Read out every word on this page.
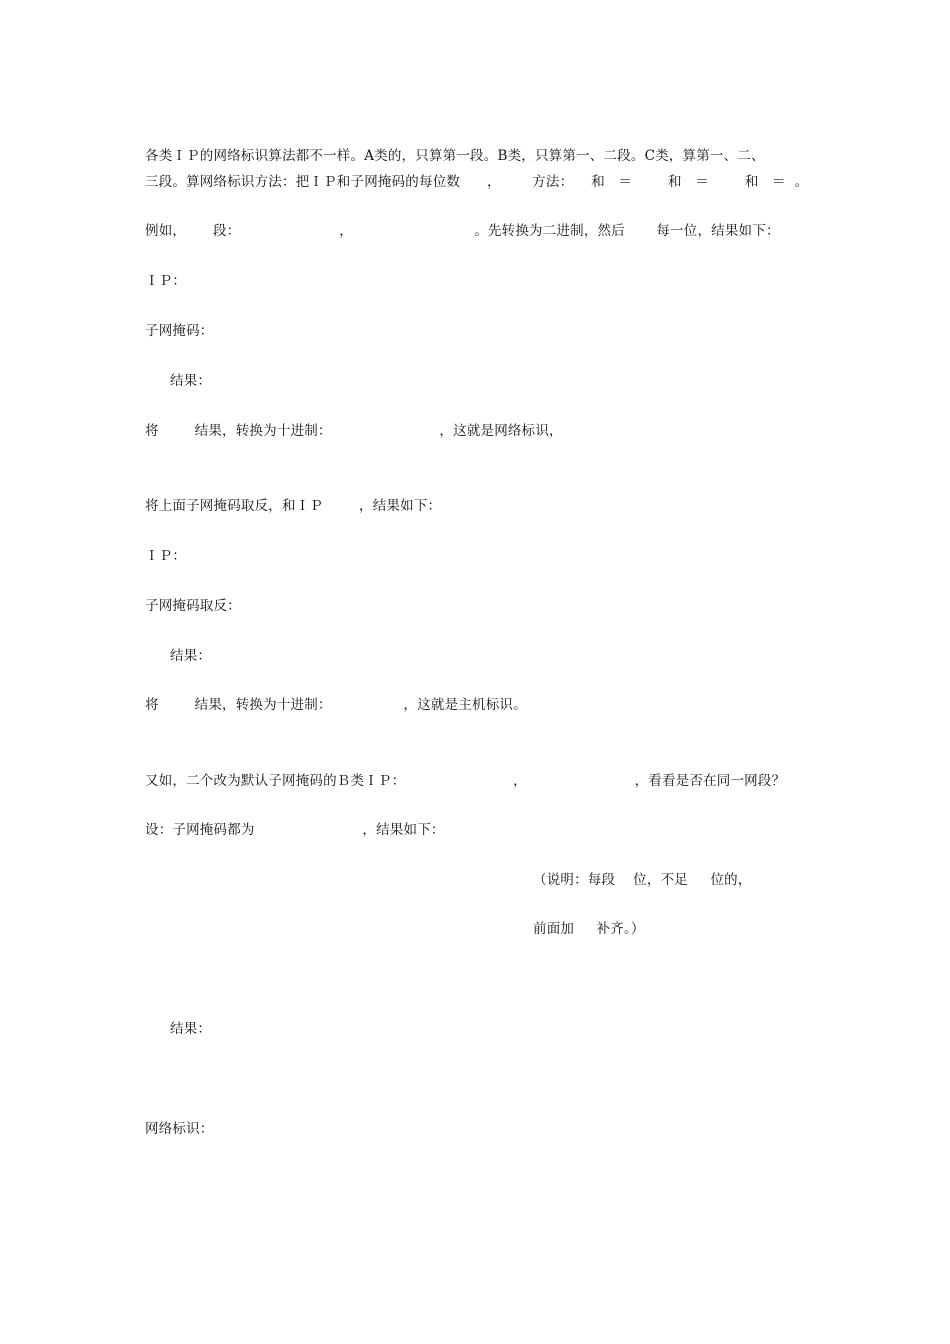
各类ＩＰ的网络标识算法都不一样。A类的，只算第一段。B类，只算第一、二段。C类，算第一、二、
三段。算网络标识方法：把ＩＰ和子网掩码的每位数      ，       方法：    和   ＝        和   ＝        和   ＝  。
例如，      段：                      ，                           。先转换为二进制，然后       每一位，结果如下：
ＩＰ：
子网掩码：
结果：
将        结果，转换为十进制：                        ，这就是网络标识，
将上面子网掩码取反，和ＩＰ        ，结果如下：
ＩＰ：
子网掩码取反：
结果：
将        结果，转换为十进制：                ，这就是主机标识。
又如，二个改为默认子网掩码的Ｂ类ＩＰ：                        ，                        ，看看是否在同一网段？
设：子网掩码都为                        ，结果如下：
（说明：每段    位，不足     位的，
前面加     补齐。）
结果：
网络标识：
